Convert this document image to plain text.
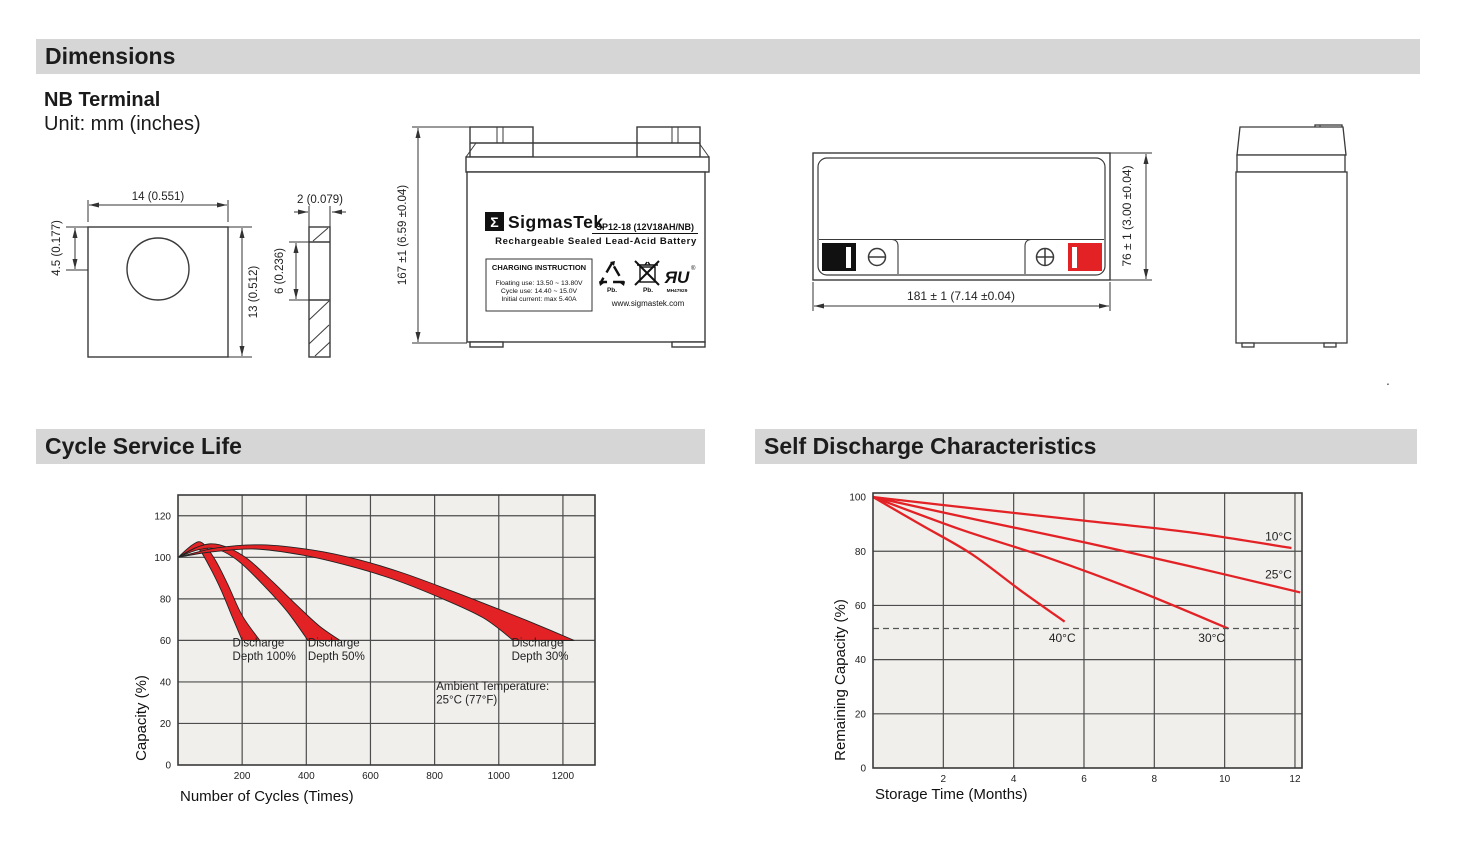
Dimensions
NB Terminal
Unit: mm (inches)
14 (0.551)
4.5 (0.177)
13 (0.512)
2 (0.079)
6 (0.236)
Σ SigmasTek
SP12-18 (12V18AH/NB)
Rechargeable Sealed Lead-Acid Battery
CHARGING INSTRUCTION
Floating use: 13.50 ~ 13.80V
Cycle use: 14.40 ~ 15.0V
Initial current: max 5.40A
Pb.	Pb.
ЯU ®
MH47929
www.sigmastek.com
167 ±1 (6.59 ±0.04)
181 ± 1 (7.14 ±0.04)
76 ± 1 (3.00 ±0.04)
Cycle Service Life	Self Discharge Characteristics
0
20
40
60
80
100
120
200	400	600	800	1000	1200
Discharge Depth 100%
Discharge Depth 50%
Discharge Depth 30%
Ambient Temperature: 25°C (77°F)
Number of Cycles (Times)
Capacity (%)
0
20
40
60
80
100
2	4	6	8	10	12
10°C
25°C
40°C	30°C
Storage Time (Months)
Remaining Capacity (%)
.
